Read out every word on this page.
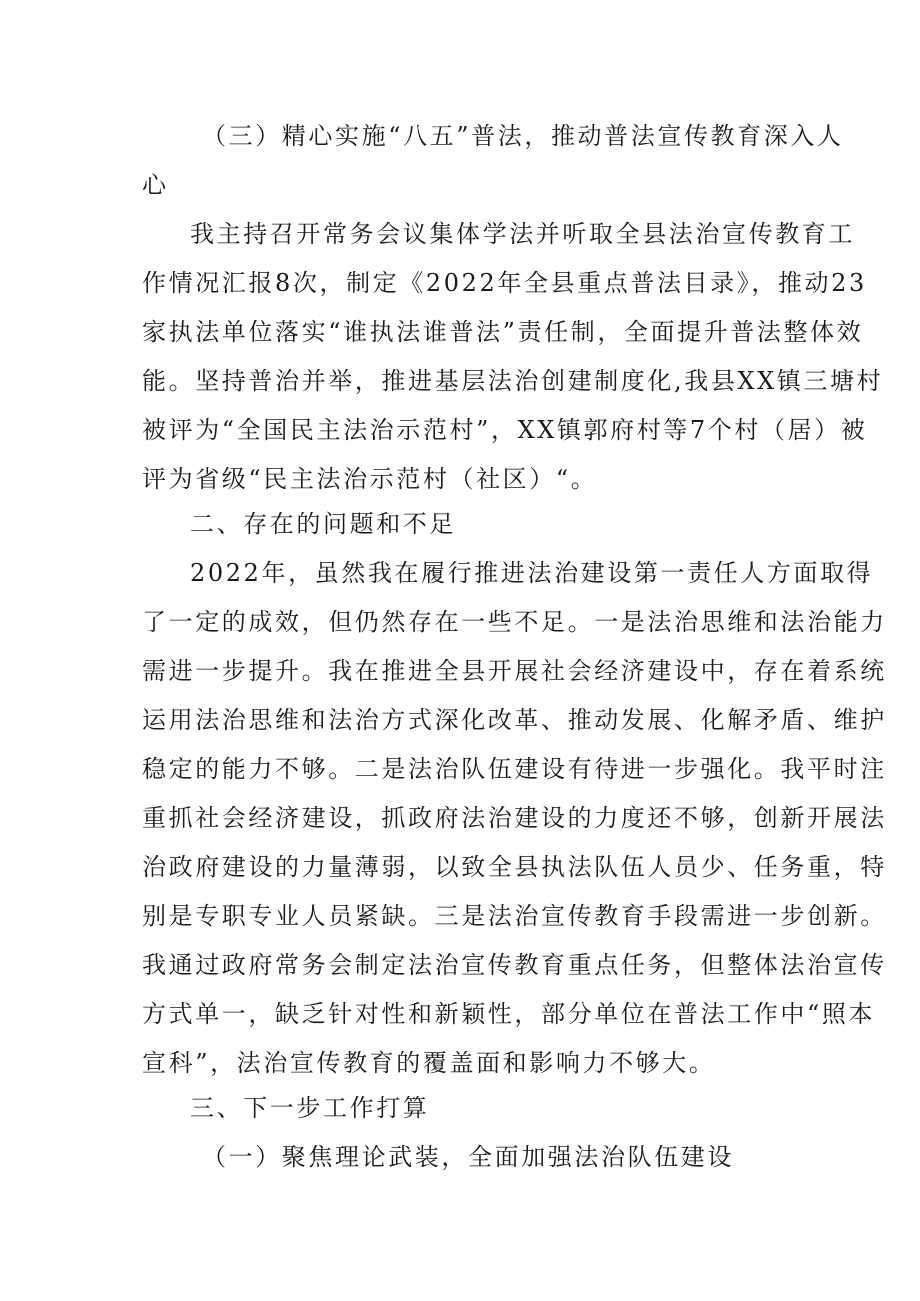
（三）精心实施“八五”普法，推动普法宣传教育深入人
心
我主持召开常务会议集体学法并听取全县法治宣传教育工
作情况汇报8次，制定《2022年全县重点普法目录》，推动23
家执法单位落实“谁执法谁普法”责任制，全面提升普法整体效
能。坚持普治并举，推进基层法治创建制度化,我县XX镇三塘村
被评为“全国民主法治示范村”，XX镇郭府村等7个村（居）被
评为省级“民主法治示范村（社区）“。
二、存在的问题和不足
2022年，虽然我在履行推进法治建设第一责任人方面取得
了一定的成效，但仍然存在一些不足。一是法治思维和法治能力
需进一步提升。我在推进全县开展社会经济建设中，存在着系统
运用法治思维和法治方式深化改革、推动发展、化解矛盾、维护
稳定的能力不够。二是法治队伍建设有待进一步强化。我平时注
重抓社会经济建设，抓政府法治建设的力度还不够，创新开展法
治政府建设的力量薄弱，以致全县执法队伍人员少、任务重，特
别是专职专业人员紧缺。三是法治宣传教育手段需进一步创新。
我通过政府常务会制定法治宣传教育重点任务，但整体法治宣传
方式单一，缺乏针对性和新颖性，部分单位在普法工作中“照本
宣科”，法治宣传教育的覆盖面和影响力不够大。
三、下一步工作打算
（一）聚焦理论武装，全面加强法治队伍建设
